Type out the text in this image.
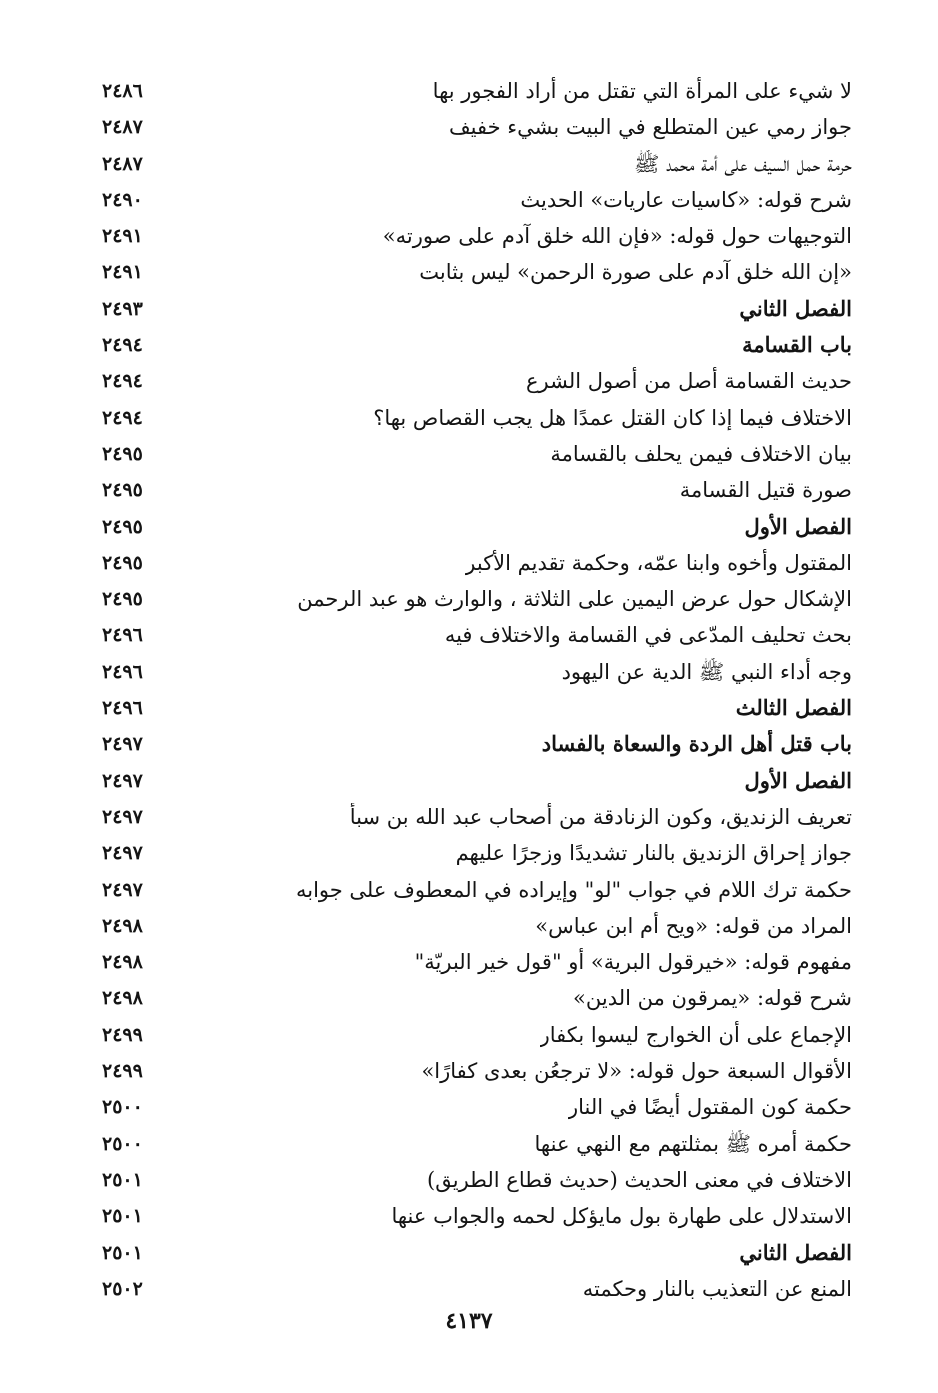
لا شيء على المرأة التي تقتل من أراد الفجور بها
٢٤٨٦
جواز رمي عين المتطلع في البيت بشيء خفيف
٢٤٨٧
حرمة حمل السيف على أمة محمد ﷺ
٢٤٨٧
شرح قوله: «كاسيات عاريات» الحديث
٢٤٩٠
التوجيهات حول قوله: «فإن الله خلق آدم على صورته»
٢٤٩١
«إن الله خلق آدم على صورة الرحمن» ليس بثابت
٢٤٩١
الفصل الثاني
٢٤٩٣
باب القسامة
٢٤٩٤
حديث القسامة أصل من أصول الشرع
٢٤٩٤
الاختلاف فيما إذا كان القتل عمدًا هل يجب القصاص بها؟
٢٤٩٤
بيان الاختلاف فيمن يحلف بالقسامة
٢٤٩٥
صورة قتيل القسامة
٢٤٩٥
الفصل الأول
٢٤٩٥
المقتول وأخوه وابنا عمّه، وحكمة تقديم الأكبر
٢٤٩٥
الإشكال حول عرض اليمين على الثلاثة ، والوارث هو عبد الرحمن
٢٤٩٥
بحث تحليف المدّعى في القسامة والاختلاف فيه
٢٤٩٦
وجه أداء النبي ﷺ الدية عن اليهود
٢٤٩٦
الفصل الثالث
٢٤٩٦
باب قتل أهل الردة والسعاة بالفساد
٢٤٩٧
الفصل الأول
٢٤٩٧
تعريف الزنديق، وكون الزنادقة من أصحاب عبد الله بن سبأ
٢٤٩٧
جواز إحراق الزنديق بالنار تشديدًا وزجرًا عليهم
٢٤٩٧
حكمة ترك اللام في جواب "لو" وإيراده في المعطوف على جوابه
٢٤٩٧
المراد من قوله: «ويح أم ابن عباس»
٢٤٩٨
مفهوم قوله: «خيرقول البرية» أو "قول خير البريّة"
٢٤٩٨
شرح قوله: «يمرقون من الدين»
٢٤٩٨
الإجماع على أن الخوارج ليسوا بكفار
٢٤٩٩
الأقوال السبعة حول قوله: «لا ترجعُن بعدى كفارًا»
٢٤٩٩
حكمة كون المقتول أيضًا في النار
٢٥٠٠
حكمة أمره ﷺ بمثلتهم مع النهي عنها
٢٥٠٠
الاختلاف في معنى الحديث (حديث قطاع الطريق)
٢٥٠١
الاستدلال على طهارة بول مايؤكل لحمه والجواب عنها
٢٥٠١
الفصل الثاني
٢٥٠١
المنع عن التعذيب بالنار وحكمته
٢٥٠٢
٤١٣٧
